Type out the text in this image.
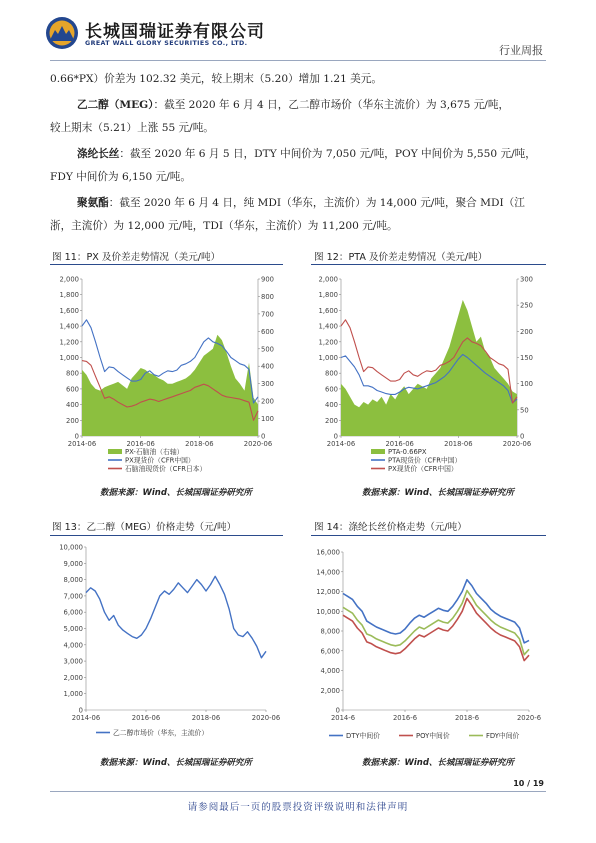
长城国瑞证券有限公司
GREAT WALL GLORY SECURITIES CO., LTD.
行业周报
0.66*PX）价差为 102.32 美元，较上期末（5.20）增加 1.21 美元。
乙二醇（MEG）：截至 2020 年 6 月 4 日，乙二醇市场价（华东主流价）为 3,675 元/吨，
较上期末（5.21）上涨 55 元/吨。
涤纶长丝：截至 2020 年 6 月 5 日，DTY 中间价为 7,050 元/吨，POY 中间价为 5,550 元/吨，
FDY 中间价为 6,150 元/吨。
聚氨酯：截至 2020 年 6 月 4 日，纯 MDI（华东，主流价）为 14,000 元/吨，聚合 MDI（江
浙，主流价）为 12,000 元/吨，TDI（华东，主流价）为 11,200 元/吨。
图 11：PX 及价差走势情况（美元/吨）
0
200
400
600
800
1,000
1,200
1,400
1,600
1,800
2,000
0
100
200
300
400
500
600
700
800
900
2014-06	2016-06	2018-06	2020-06
PX-石脑油（右轴）
PX现货价（CFR中国）
石脑油现货价（CFR日本）
数据来源：Wind、长城国瑞证券研究所
图 12：PTA 及价差走势情况（美元/吨）
0
200
400
600
800
1,000
1,200
1,400
1,600
1,800
2,000
0
50
100
150
200
250
300
2014-06	2016-06	2018-06	2020-06
PTA-0.66PX
PTA现货价（CFR中国）
PX现货价（CFR中国）
数据来源：Wind、长城国瑞证券研究所
图 13：乙二醇（MEG）价格走势（元/吨）
0
1,000
2,000
3,000
4,000
5,000
6,000
7,000
8,000
9,000
10,000
2014-06	2016-06	2018-06	2020-06
乙二醇市场价（华东，主流价）
数据来源：Wind、长城国瑞证券研究所
图 14：涤纶长丝价格走势（元/吨）
0
2,000
4,000
6,000
8,000
10,000
12,000
14,000
16,000
2014-6	2016-6	2018-6	2020-6
DTY中间价	POY中间价	FDY中间价
数据来源：Wind、长城国瑞证券研究所
10 / 19
请参阅最后一页的股票投资评级说明和法律声明
